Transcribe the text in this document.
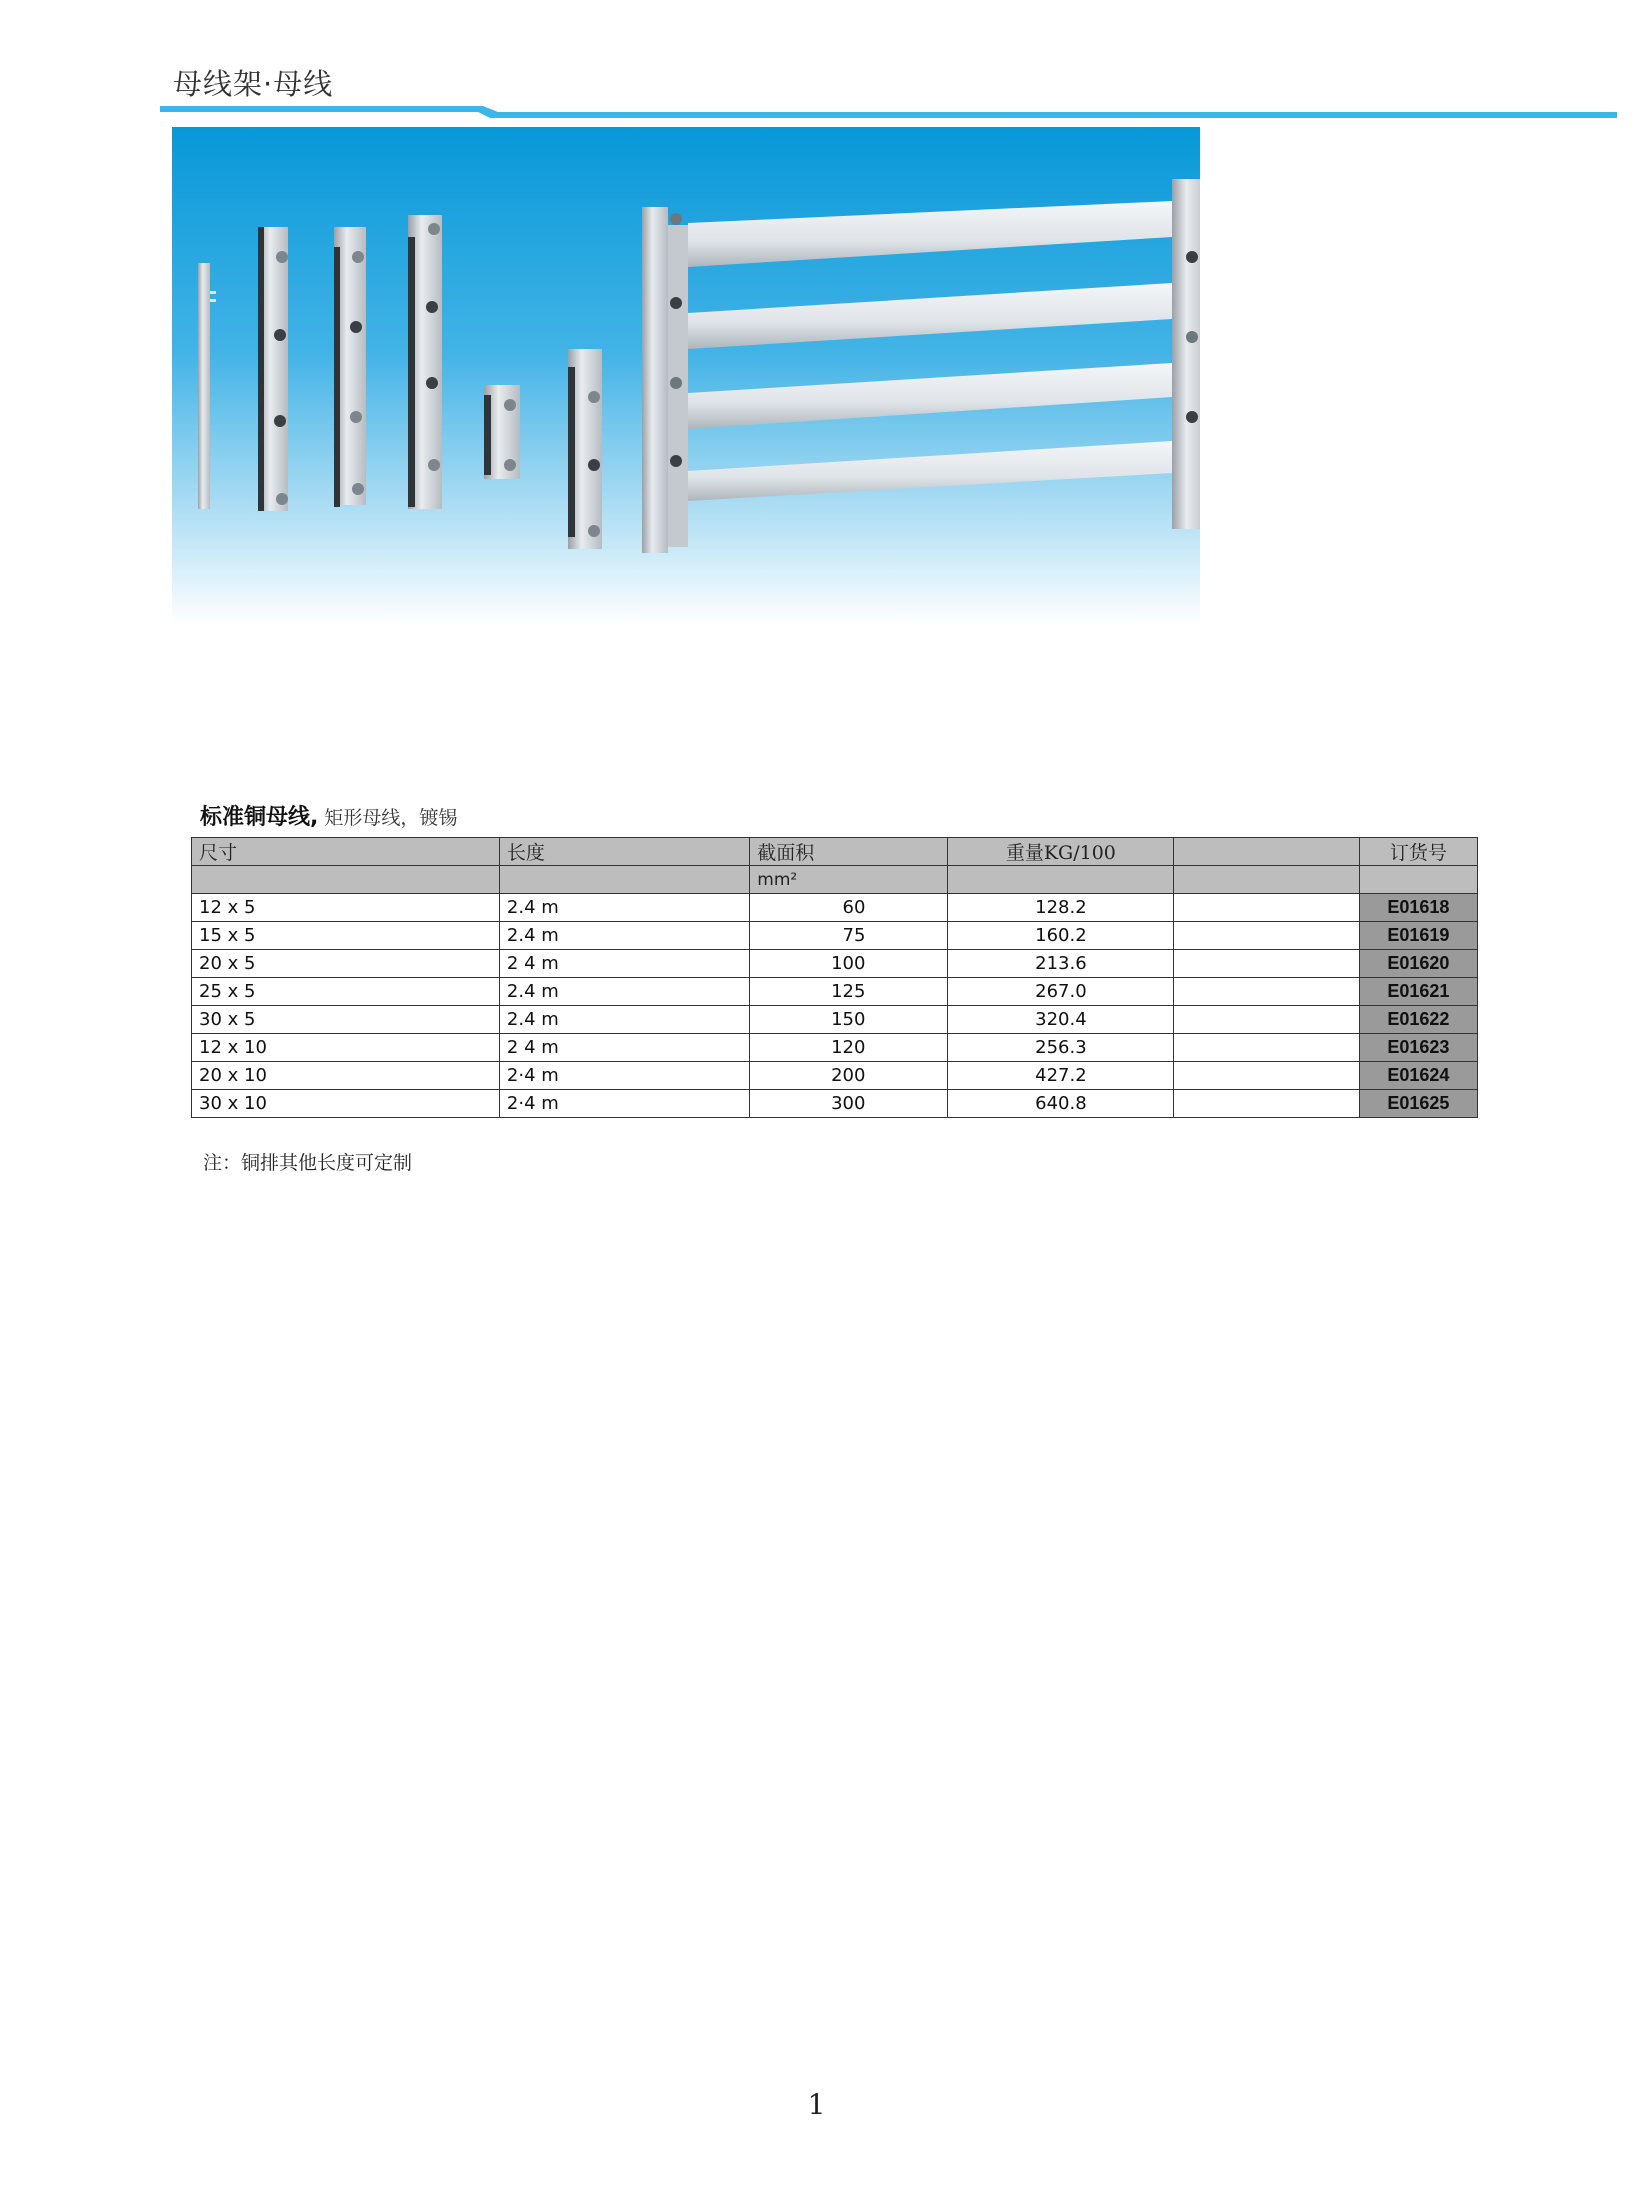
母线架·母线
标准铜母线, 矩形母线，镀锡
尺寸	长度	截面积	重量KG/100		订货号
		mm²			
12 x 5	2.4 m	60	128.2		E01618
15 x 5	2.4 m	75	160.2		E01619
20 x 5	2 4 m	100	213.6		E01620
25 x 5	2.4 m	125	267.0		E01621
30 x 5	2.4 m	150	320.4		E01622
12 x 10	2 4 m	120	256.3		E01623
20 x 10	2·4 m	200	427.2		E01624
30 x 10	2·4 m	300	640.8		E01625
注：铜排其他长度可定制
1
